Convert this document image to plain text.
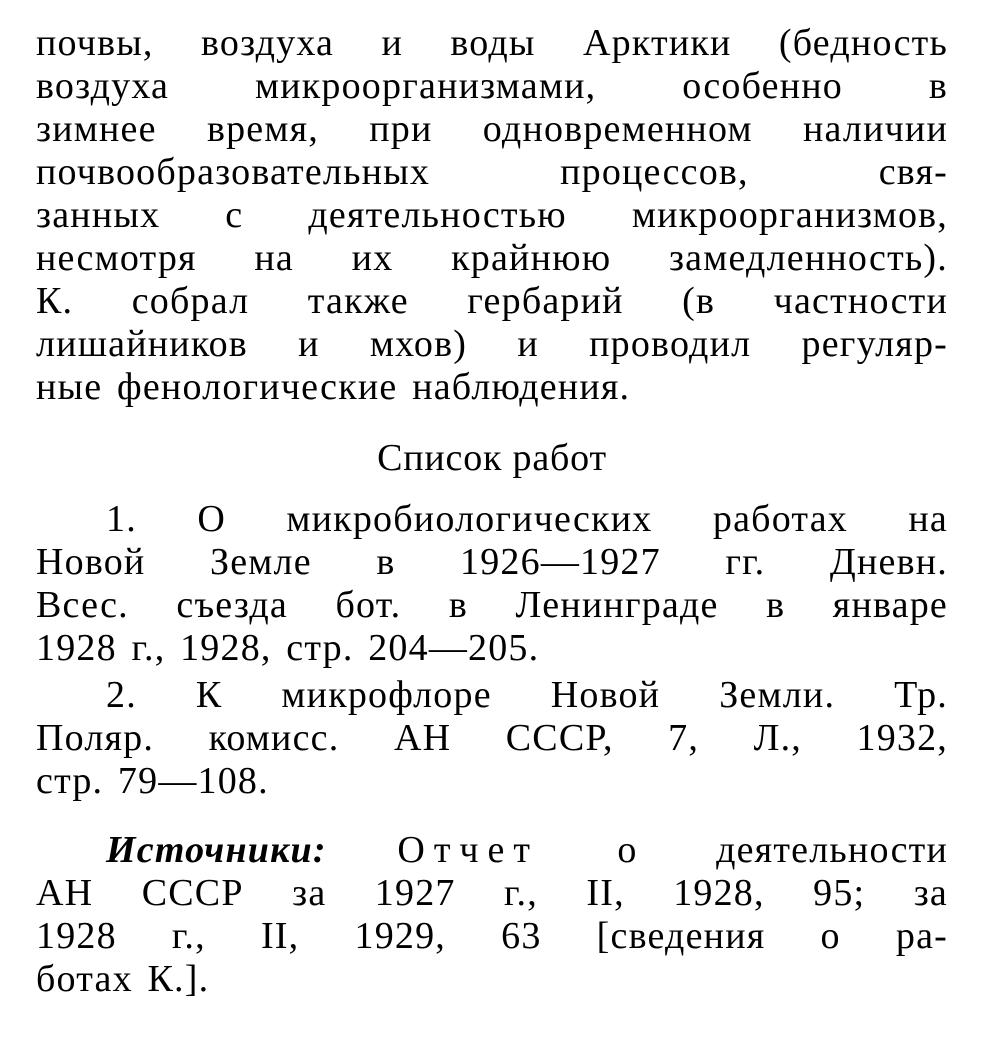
почвы, воздуха и воды Арктики (бедность
воздуха микроорганизмами, особенно в
зимнее время, при одновременном наличии
почвообразовательных процессов, свя-
занных с деятельностью микроорганизмов,
несмотря на их крайнюю замедленность).
К. собрал также гербарий (в частности
лишайников и мхов) и проводил регуляр-
ные фенологические наблюдения.
Список работ
1. О микробиологических работах на
Новой Земле в 1926—1927 гг. Дневн.
Всес. съезда бот. в Ленинграде в январе
1928 г., 1928, стр. 204—205.
2. К микрофлоре Новой Земли. Тр.
Поляр. комисс. АН СССР, 7, Л., 1932,
стр. 79—108.
Источники: Отчет о деятельности
АН СССР за 1927 г., II, 1928, 95; за
1928 г., II, 1929, 63 [сведения о ра-
ботах К.].
